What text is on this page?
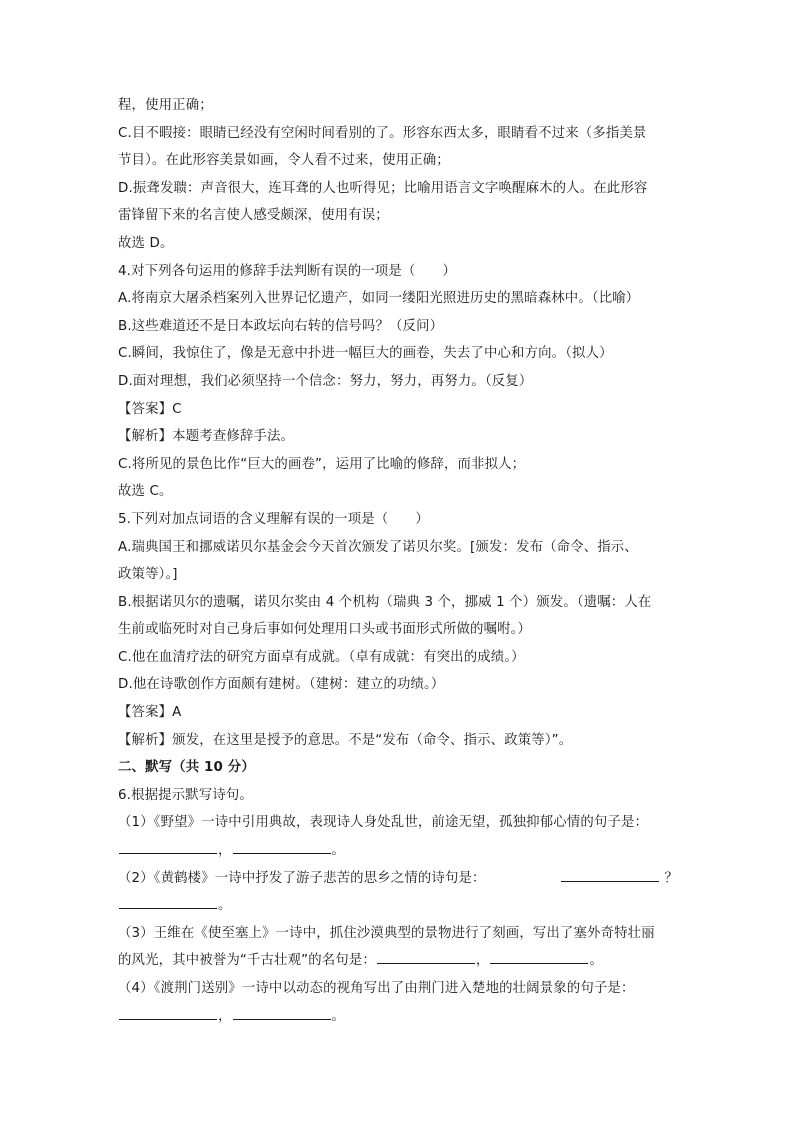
程，使用正确；
C.目不暇接：眼睛已经没有空闲时间看别的了。形容东西太多，眼睛看不过来（多指美景
节目）。在此形容美景如画，令人看不过来，使用正确；
D.振聋发聩：声音很大，连耳聋的人也听得见；比喻用语言文字唤醒麻木的人。在此形容
雷锋留下来的名言使人感受颇深，使用有误；
故选 D。
4.对下列各句运用的修辞手法判断有误的一项是（　　）
A.将南京大屠杀档案列入世界记忆遗产，如同一缕阳光照进历史的黑暗森林中。（比喻）
B.这些难道还不是日本政坛向右转的信号吗？（反问）
C.瞬间，我惊住了，像是无意中扑进一幅巨大的画卷，失去了中心和方向。（拟人）
D.面对理想，我们必须坚持一个信念：努力，努力，再努力。（反复）
【答案】C
【解析】本题考查修辞手法。
C.将所见的景色比作“巨大的画卷”，运用了比喻的修辞，而非拟人；
故选 C。
5.下列对加点词语的含义理解有误的一项是（　　）
A.瑞典国王和挪威诺贝尔基金会今天首次颁发了诺贝尔奖。[颁发：发布（命令、指示、
政策等）。]
B.根据诺贝尔的遗嘱，诺贝尔奖由 4 个机构（瑞典 3 个，挪威 1 个）颁发。（遗嘱：人在
生前或临死时对自己身后事如何处理用口头或书面形式所做的嘱咐。）
C.他在血清疗法的研究方面卓有成就。（卓有成就：有突出的成绩。）
D.他在诗歌创作方面颇有建树。（建树：建立的功绩。）
【答案】A
【解析】颁发，在这里是授予的意思。不是“发布（命令、指示、政策等）”。
二、默写（共 10 分）
6.根据提示默写诗句。
（1）《野望》一诗中引用典故，表现诗人身处乱世，前途无望，孤独抑郁心情的句子是：
，	。
（2）《黄鹤楼》一诗中抒发了游子悲苦的思乡之情的诗句是：	？
。
（3）王维在《使至塞上》一诗中，抓住沙漠典型的景物进行了刻画，写出了塞外奇特壮丽
的风光，其中被誉为“千古壮观”的名句是：	，	。
（4）《渡荆门送别》一诗中以动态的视角写出了由荆门进入楚地的壮阔景象的句子是：
，	。
